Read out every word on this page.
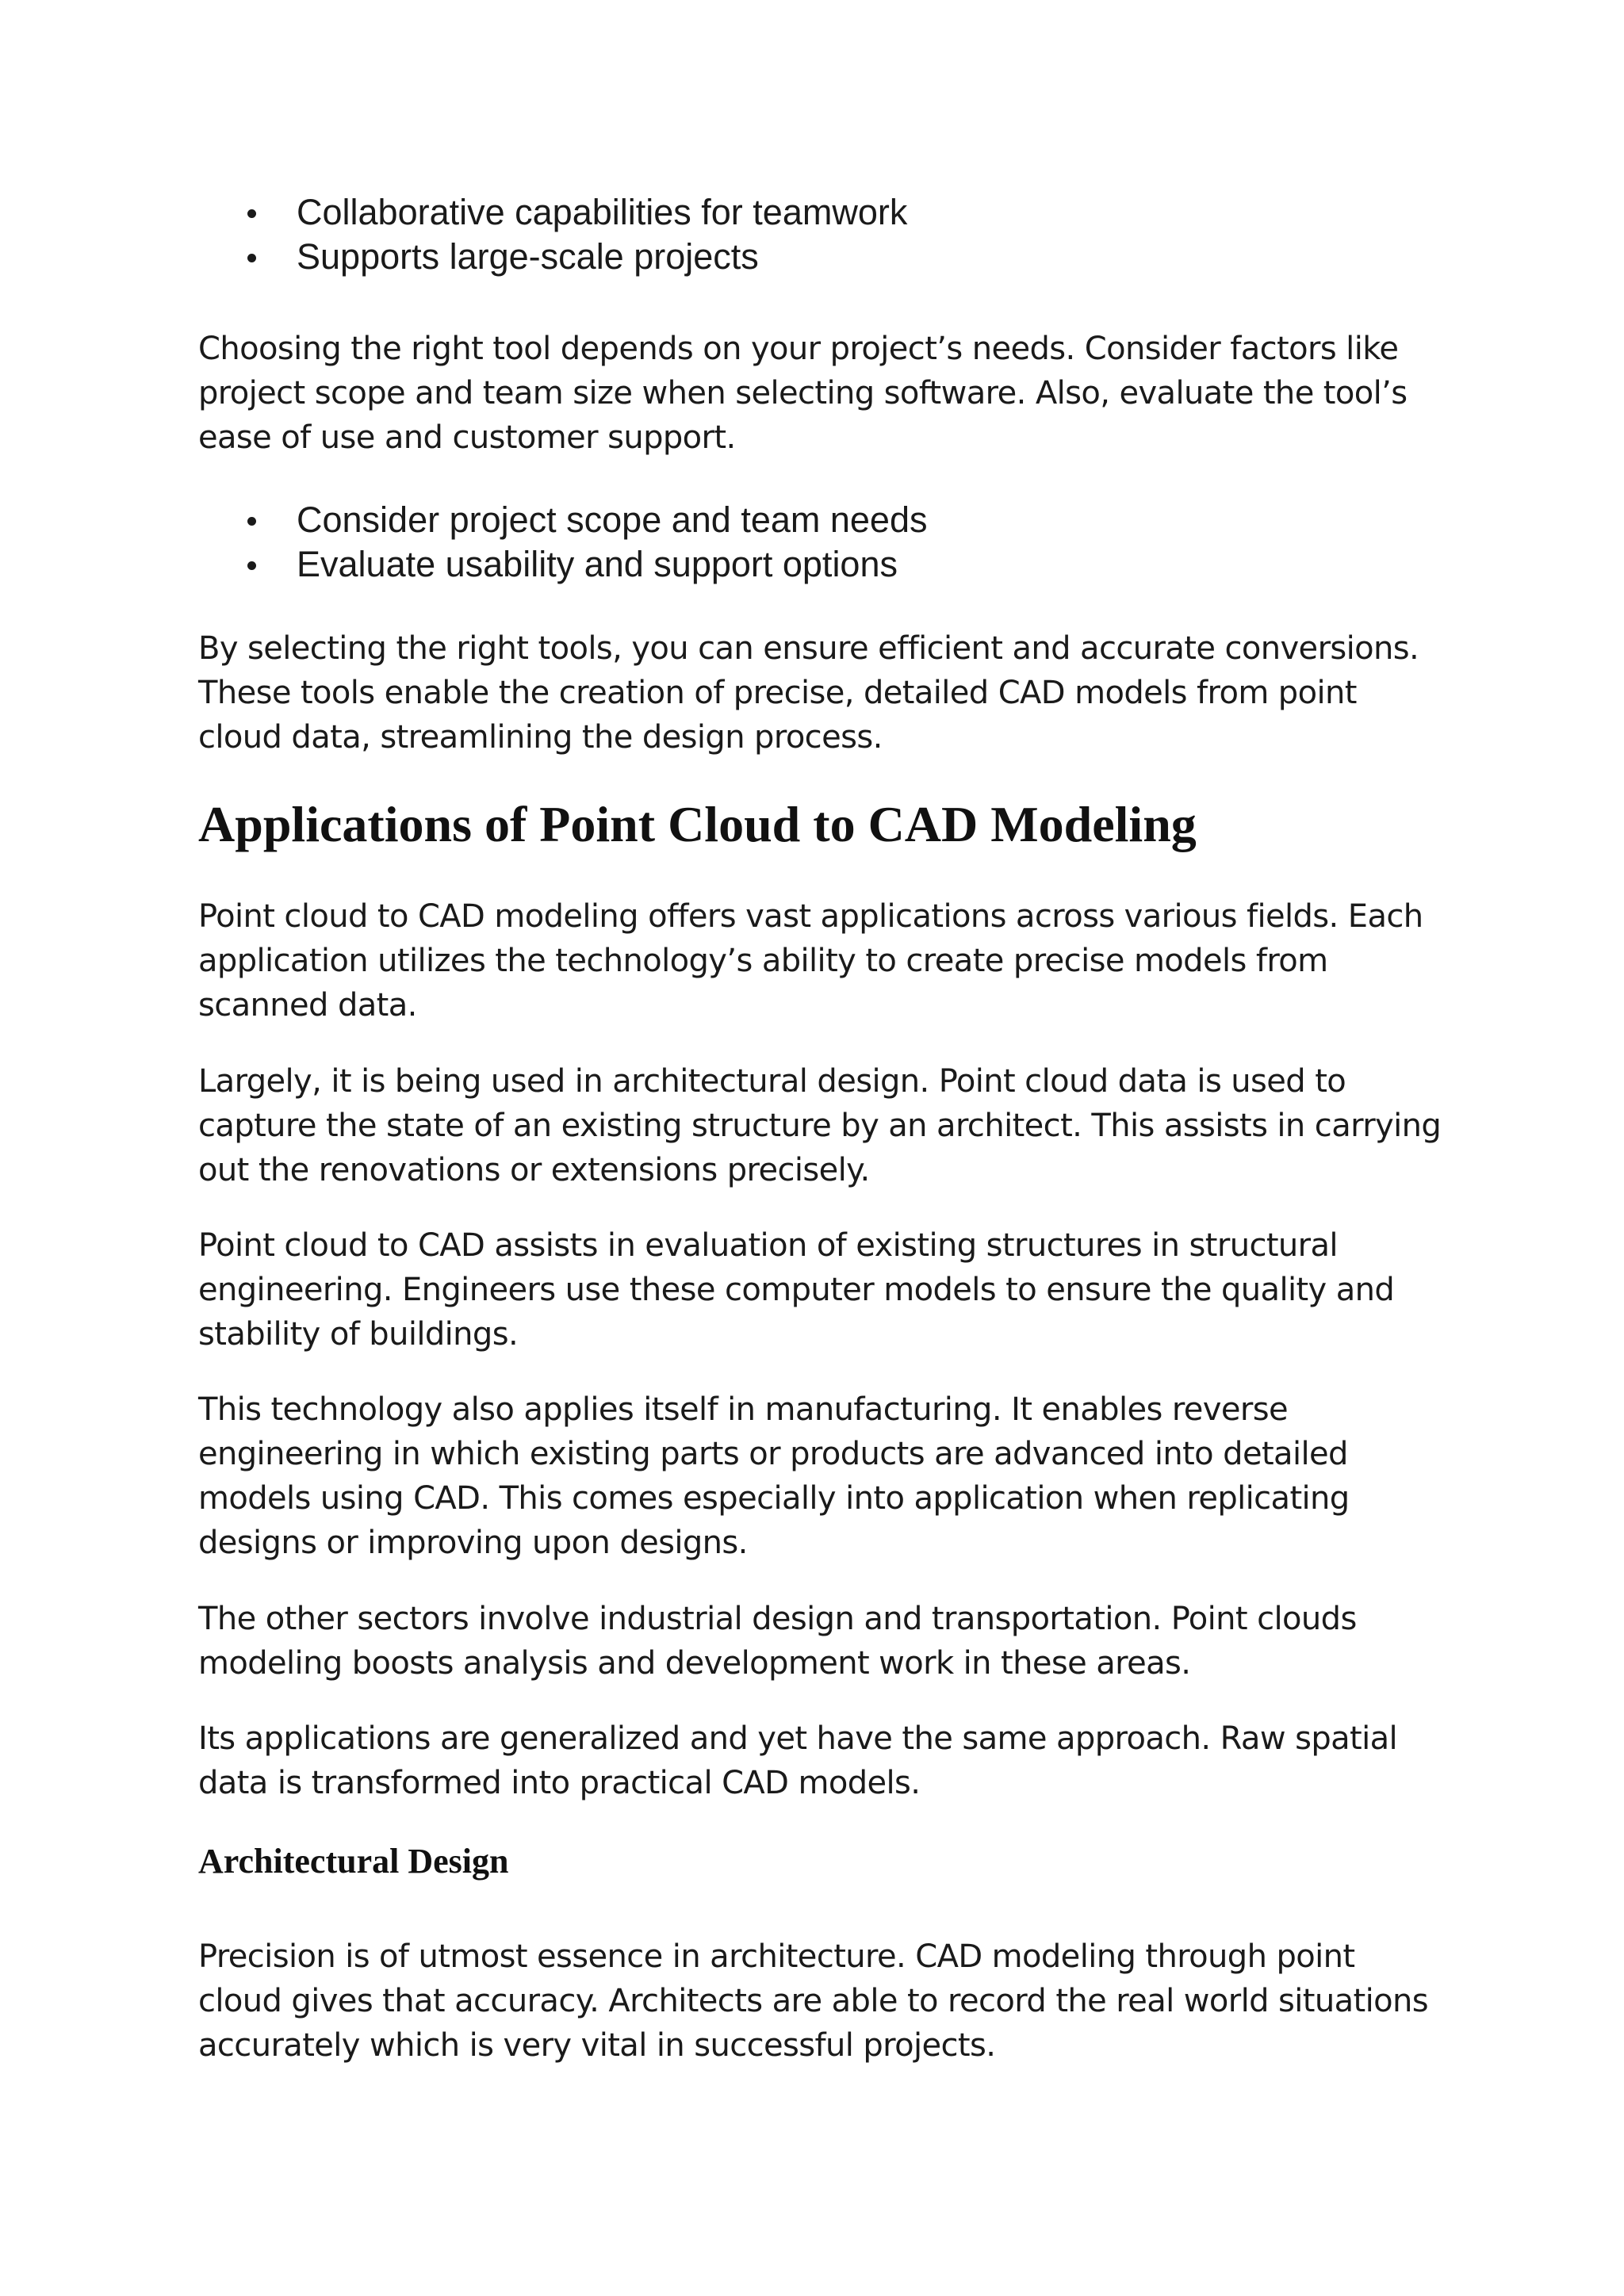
Collaborative capabilities for teamwork
Supports large-scale projects

Choosing the right tool depends on your project’s needs. Consider factors like project scope and team size when selecting software. Also, evaluate the tool’s ease of use and customer support.

Consider project scope and team needs
Evaluate usability and support options

By selecting the right tools, you can ensure efficient and accurate conversions. These tools enable the creation of precise, detailed CAD models from point cloud data, streamlining the design process.

Applications of Point Cloud to CAD Modeling

Point cloud to CAD modeling offers vast applications across various fields. Each application utilizes the technology’s ability to create precise models from scanned data.

Largely, it is being used in architectural design. Point cloud data is used to capture the state of an existing structure by an architect. This assists in carrying out the renovations or extensions precisely.

Point cloud to CAD assists in evaluation of existing structures in structural engineering. Engineers use these computer models to ensure the quality and stability of buildings.

This technology also applies itself in manufacturing. It enables reverse engineering in which existing parts or products are advanced into detailed models using CAD. This comes especially into application when replicating designs or improving upon designs.

The other sectors involve industrial design and transportation. Point clouds modeling boosts analysis and development work in these areas.

Its applications are generalized and yet have the same approach. Raw spatial data is transformed into practical CAD models.

Architectural Design

Precision is of utmost essence in architecture. CAD modeling through point cloud gives that accuracy. Architects are able to record the real world situations accurately which is very vital in successful projects.
